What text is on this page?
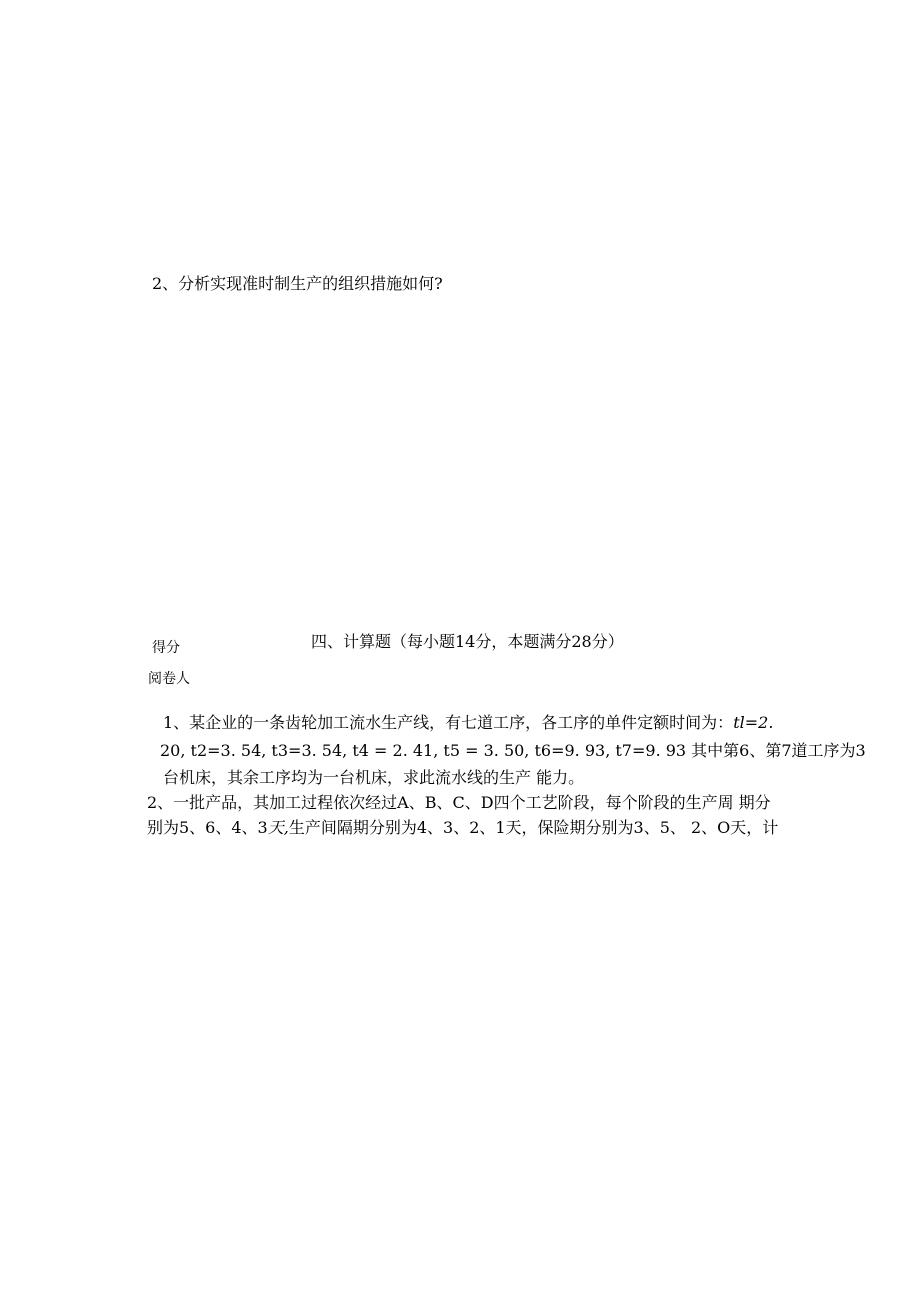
2、分析实现准时制生产的组织措施如何?
得分
阅卷人
四、计算题（每小题14分，本题满分28分）
1、某企业的一条齿轮加工流水生产线，有七道工序，各工序的单件定额时间为：tl=2.
20, t2=3. 54, t3=3. 54, t4 = 2. 41, t5 = 3. 50, t6=9. 93, t7=9. 93 其中第6、第7道工序为3
台机床，其余工序均为一台机床，求此流水线的生产 能力。
2、一批产品，其加工过程依次经过A、B、C、D四个工艺阶段，每个阶段的生产周 期分
别为5、6、4、3天,生产间隔期分别为4、3、2、1天，保险期分别为3、5、 2、O天，计
